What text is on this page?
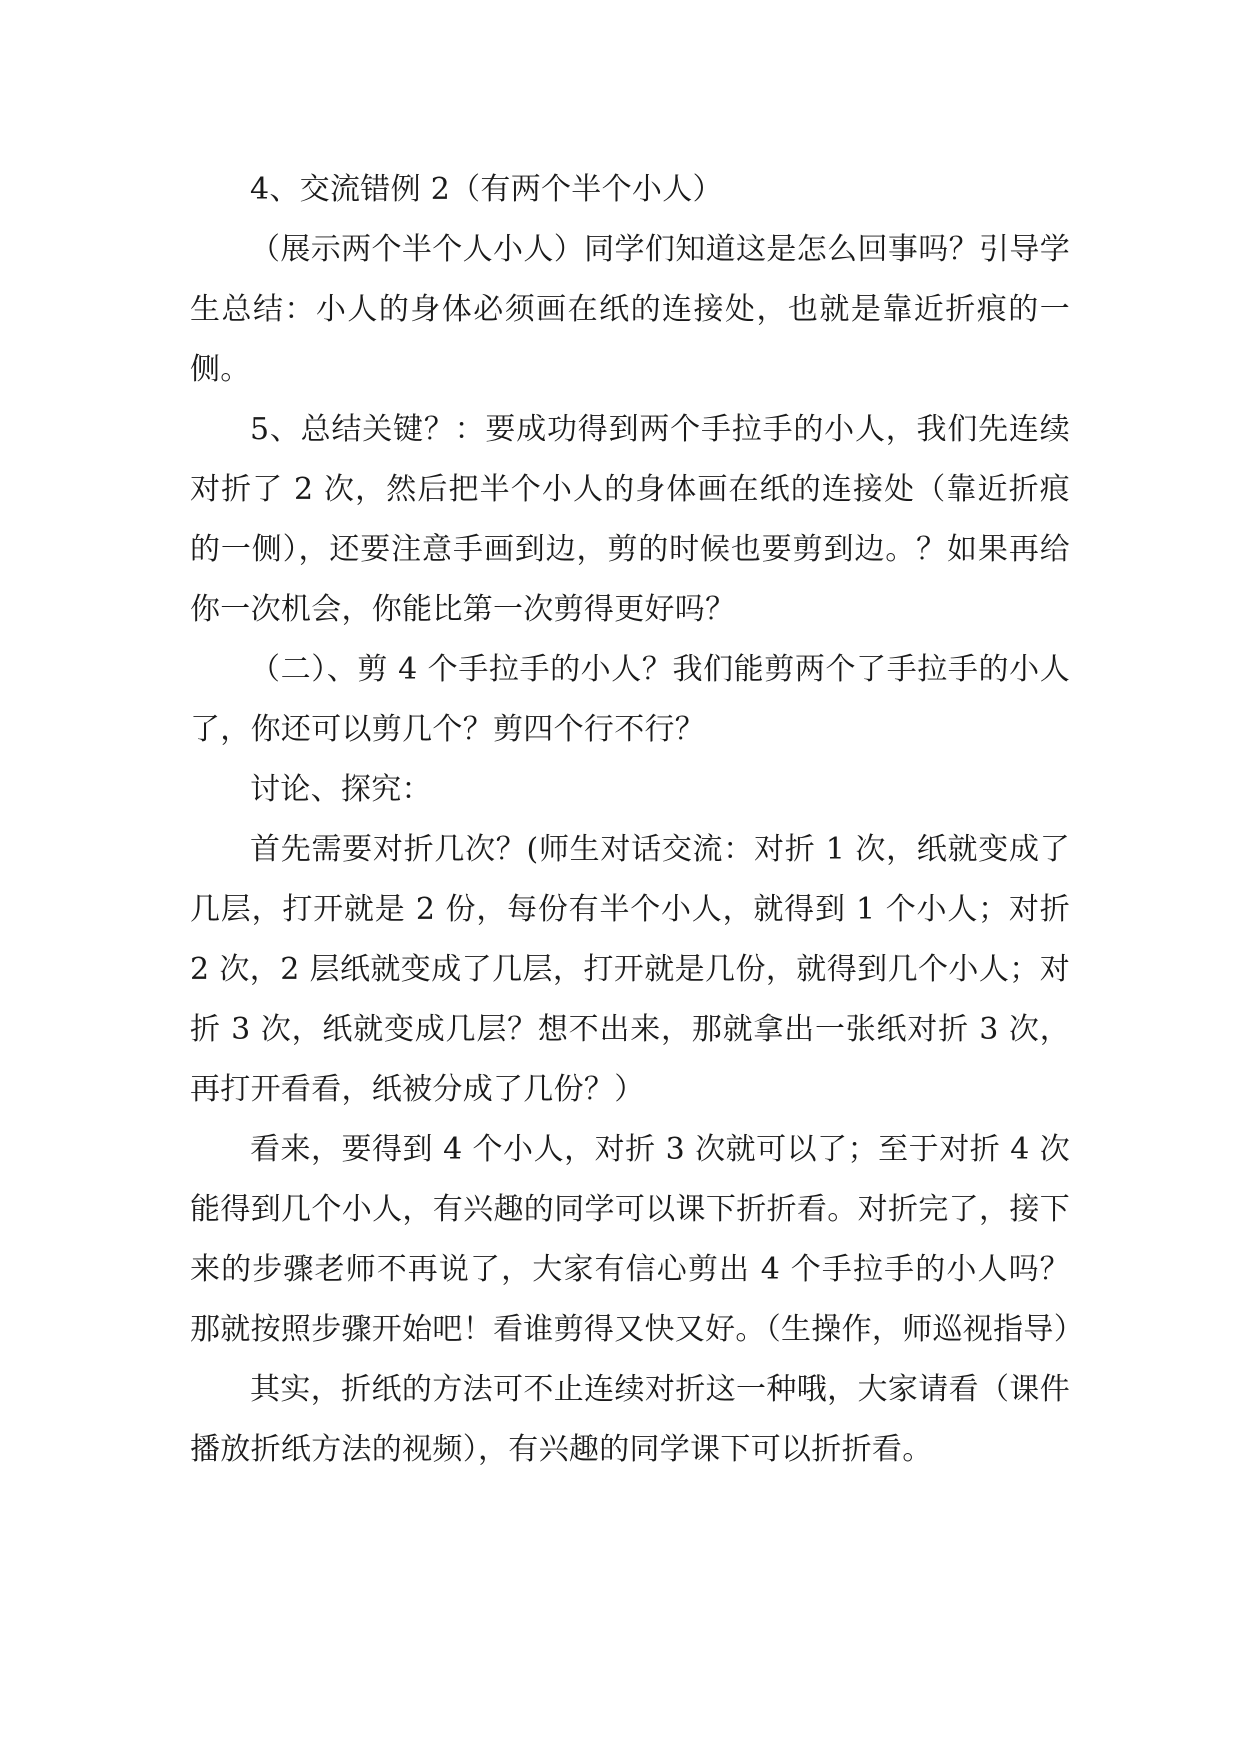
4、交流错例 2（有两个半个小人）

（展示两个半个人小人）同学们知道这是怎么回事吗？引导学生总结：小人的身体必须画在纸的连接处，也就是靠近折痕的一侧。

5、总结关键？：要成功得到两个手拉手的小人，我们先连续对折了 2 次，然后把半个小人的身体画在纸的连接处（靠近折痕的一侧），还要注意手画到边，剪的时候也要剪到边。？如果再给你一次机会，你能比第一次剪得更好吗？

（二）、剪 4 个手拉手的小人？我们能剪两个了手拉手的小人了，你还可以剪几个？剪四个行不行？

讨论、探究：

首先需要对折几次？(师生对话交流：对折 1 次，纸就变成了几层，打开就是 2 份，每份有半个小人，就得到 1 个小人；对折 2 次，2 层纸就变成了几层，打开就是几份，就得到几个小人；对折 3 次，纸就变成几层？想不出来，那就拿出一张纸对折 3 次，再打开看看，纸被分成了几份？）

看来，要得到 4 个小人，对折 3 次就可以了；至于对折 4 次能得到几个小人，有兴趣的同学可以课下折折看。对折完了，接下来的步骤老师不再说了，大家有信心剪出 4 个手拉手的小人吗？那就按照步骤开始吧！看谁剪得又快又好。（生操作，师巡视指导）

其实，折纸的方法可不止连续对折这一种哦，大家请看（课件播放折纸方法的视频），有兴趣的同学课下可以折折看。
